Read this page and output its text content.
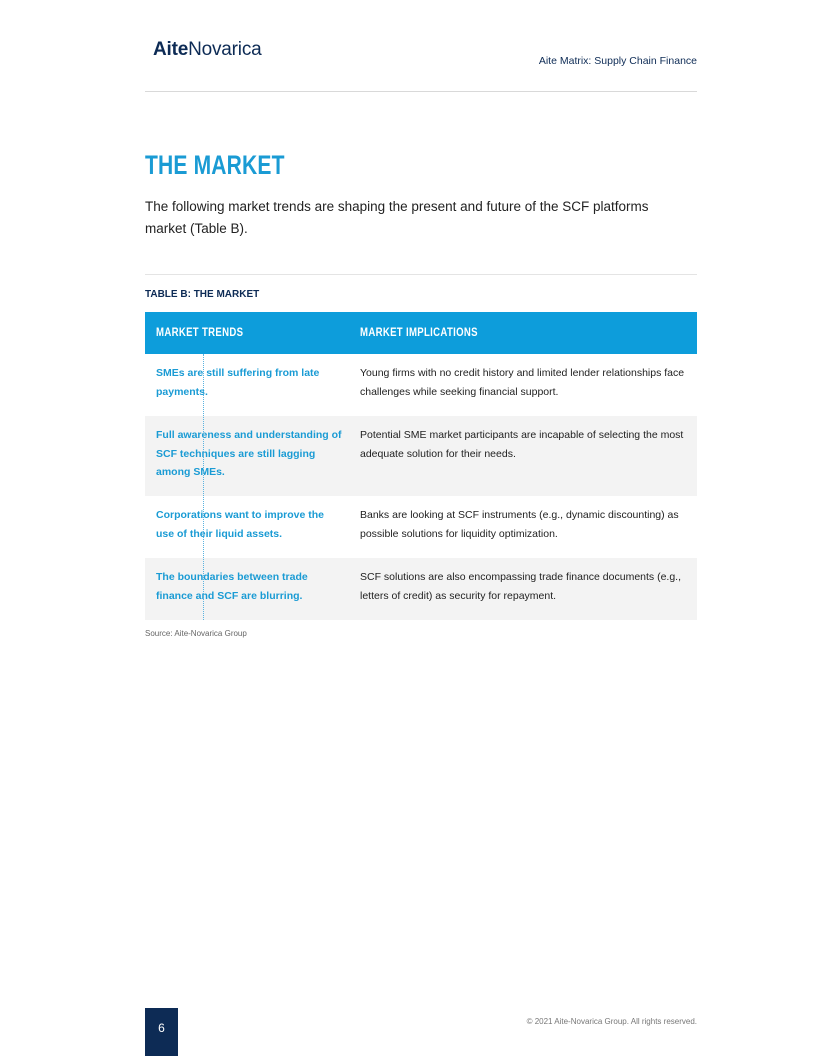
AiteNovarica
Aite Matrix: Supply Chain Finance
THE MARKET
The following market trends are shaping the present and future of the SCF platforms market (Table B).
TABLE B: THE MARKET
MARKET TRENDS	MARKET IMPLICATIONS
SMEs are still suffering from late payments.
Young firms with no credit history and limited lender relationships face challenges while seeking financial support.
Full awareness and understanding of SCF techniques are still lagging among SMEs.
Potential SME market participants are incapable of selecting the most adequate solution for their needs.
Corporations want to improve the use of their liquid assets.
Banks are looking at SCF instruments (e.g., dynamic discounting) as possible solutions for liquidity optimization.
The boundaries between trade finance and SCF are blurring.
SCF solutions are also encompassing trade finance documents (e.g., letters of credit) as security for repayment.
Source: Aite-Novarica Group
6	© 2021 Aite-Novarica Group. All rights reserved.
